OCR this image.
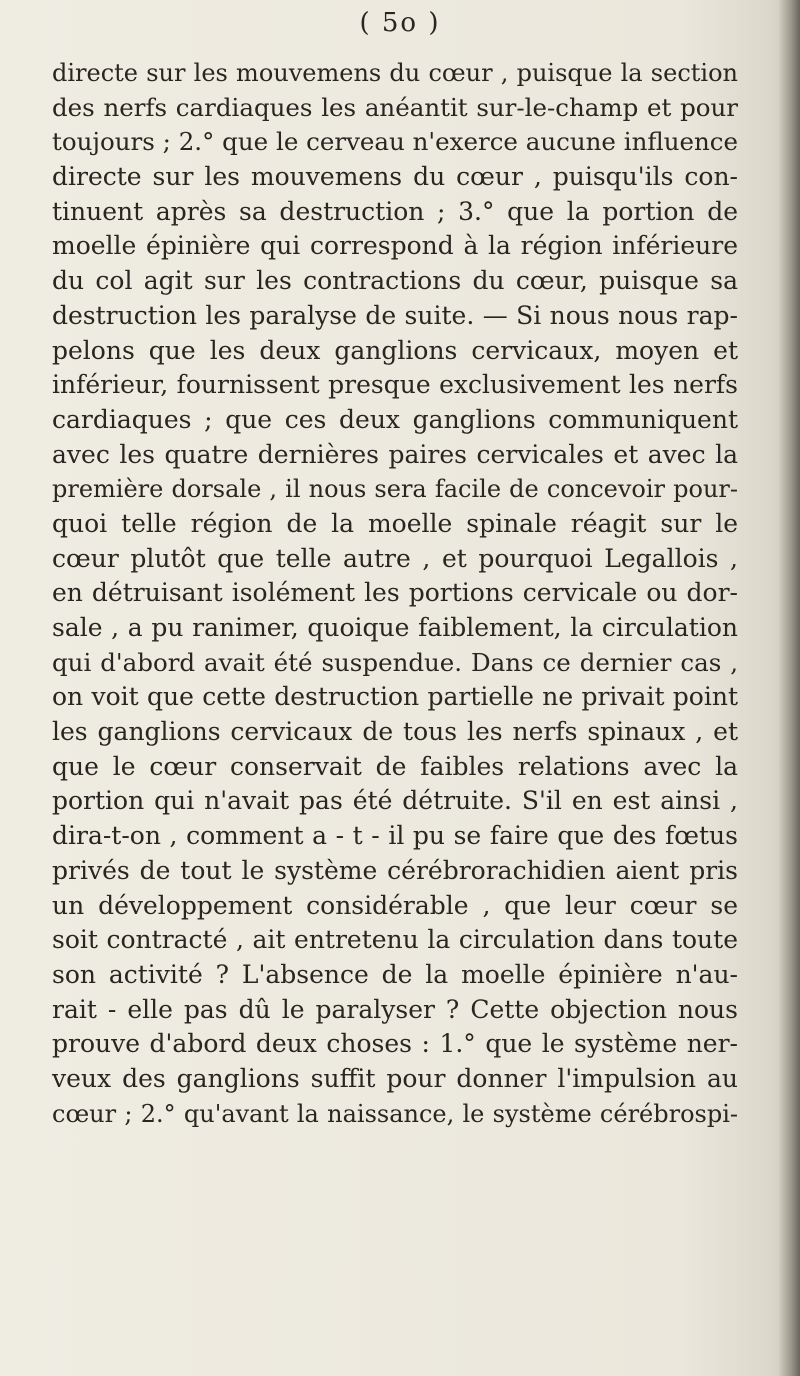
( 5o )
directe sur les mouvemens du cœur , puisque la section
des nerfs cardiaques les anéantit sur-le-champ et pour
toujours ; 2.° que le cerveau n'exerce aucune influence
directe sur les mouvemens du cœur , puisqu'ils con-
tinuent après sa destruction ; 3.° que la portion de
moelle épinière qui correspond à la région inférieure
du col agit sur les contractions du cœur, puisque sa
destruction les paralyse de suite. — Si nous nous rap-
pelons que les deux ganglions cervicaux, moyen et
inférieur, fournissent presque exclusivement les nerfs
cardiaques ; que ces deux ganglions communiquent
avec les quatre dernières paires cervicales et avec la
première dorsale , il nous sera facile de concevoir pour-
quoi telle région de la moelle spinale réagit sur le
cœur plutôt que telle autre , et pourquoi Legallois ,
en détruisant isolément les portions cervicale ou dor-
sale , a pu ranimer, quoique faiblement, la circulation
qui d'abord avait été suspendue. Dans ce dernier cas ,
on voit que cette destruction partielle ne privait point
les ganglions cervicaux de tous les nerfs spinaux , et
que le cœur conservait de faibles relations avec la
portion qui n'avait pas été détruite. S'il en est ainsi ,
dira-t-on , comment a - t - il pu se faire que des fœtus
privés de tout le système cérébrorachidien aient pris
un développement considérable , que leur cœur se
soit contracté , ait entretenu la circulation dans toute
son activité ? L'absence de la moelle épinière n'au-
rait - elle pas dû le paralyser ? Cette objection nous
prouve d'abord deux choses : 1.° que le système ner-
veux des ganglions suffit pour donner l'impulsion au
cœur ; 2.° qu'avant la naissance, le système cérébrospi-
